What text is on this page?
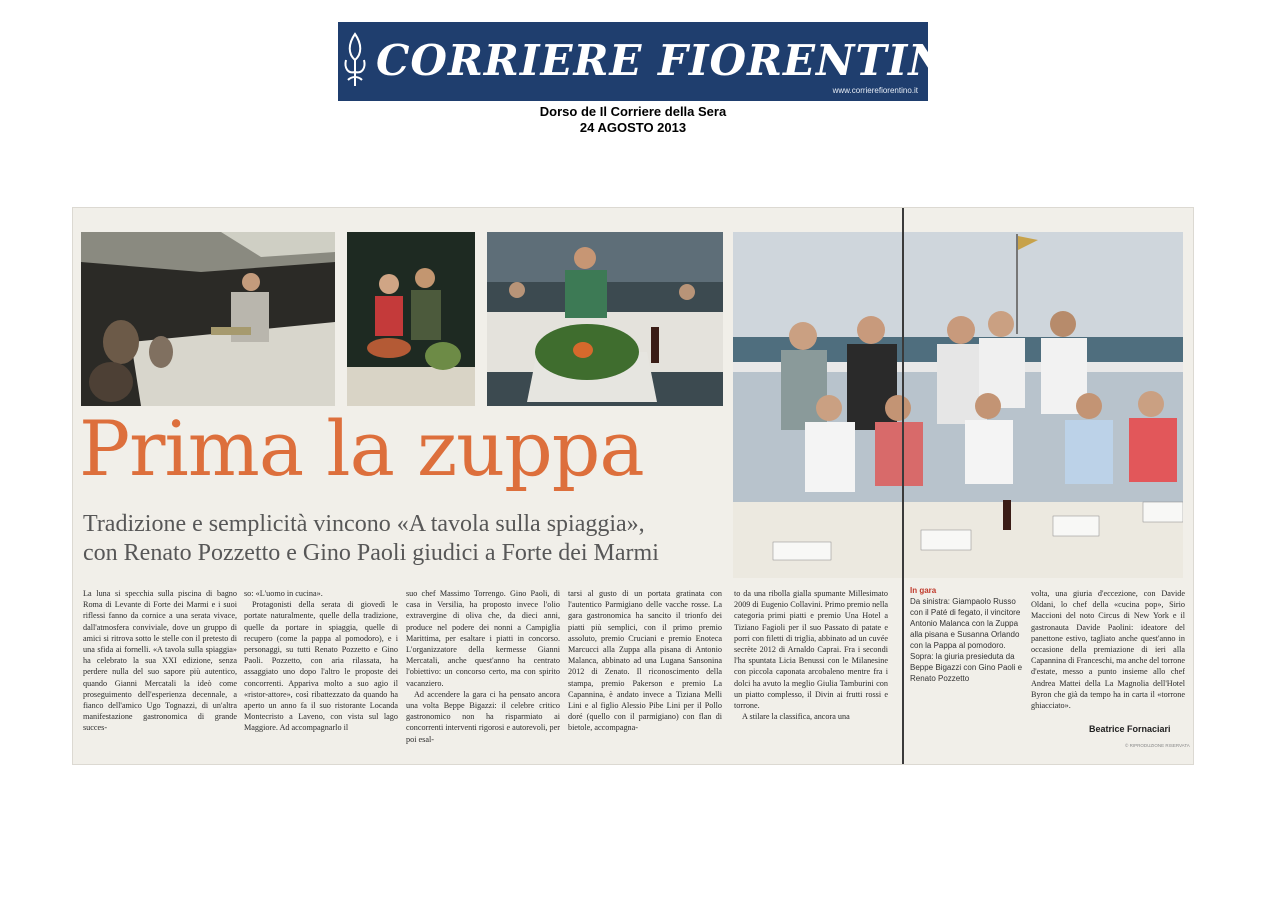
CORRIERE FIORENTINO
www.corrierefiorentino.it
Dorso de Il Corriere della Sera
24 AGOSTO 2013
Prima la zuppa
Tradizione e semplicità vincono «A tavola sulla spiaggia»,
con Renato Pozzetto e Gino Paoli giudici a Forte dei Marmi

La luna si specchia sulla piscina di bagno Roma di Levante di Forte dei Marmi e i suoi riflessi fanno da cornice a una serata vivace, dall'atmosfera conviviale, dove un gruppo di amici si ritrova sotto le stelle con il pretesto di una sfida ai fornelli. «A tavola sulla spiaggia» ha celebrato la sua XXI edizione, senza perdere nulla del suo sapore più autentico, quando Gianni Mercatali la ideò come proseguimento dell'esperienza decennale, a fianco dell'amico Ugo Tognazzi, di un'altra manifestazione gastronomica di grande succes-

so: «L'uomo in cucina».

Protagonisti della serata di giovedì le portate naturalmente, quelle della tradizione, quelle da portare in spiaggia, quelle di recupero (come la pappa al pomodoro), e i personaggi, su tutti Renato Pozzetto e Gino Paoli. Pozzetto, con aria rilassata, ha assaggiato uno dopo l'altro le proposte dei concorrenti. Appariva molto a suo agio il «ristor-attore», così ribattezzato da quando ha aperto un anno fa il suo ristorante Locanda Montecristo a Laveno, con vista sul lago Maggiore. Ad accompagnarlo il

suo chef Massimo Torrengo. Gino Paoli, di casa in Versilia, ha proposto invece l'olio extravergine di oliva che, da dieci anni, produce nel podere dei nonni a Campiglia Marittima, per esaltare i piatti in concorso. L'organizzatore della kermesse Gianni Mercatali, anche quest'anno ha centrato l'obiettivo: un concorso certo, ma con spirito vacanziero.

Ad accendere la gara ci ha pensato ancora una volta Beppe Bigazzi: il celebre critico gastronomico non ha risparmiato ai concorrenti interventi rigorosi e autorevoli, per poi esal-

tarsi al gusto di un portata gratinata con l'autentico Parmigiano delle vacche rosse. La gara gastronomica ha sancito il trionfo dei piatti più semplici, con il primo premio assoluto, premio Cruciani e premio Enoteca Marcucci alla Zuppa alla pisana di Antonio Malanca, abbinato ad una Lugana Sansonina 2012 di Zenato. Il riconoscimento della stampa, premio Pakerson e premio La Capannina, è andato invece a Tiziana Melli Lini e al figlio Alessio Pibe Lini per il Pollo doré (quello con il parmigiano) con flan di bietole, accompagna-

to da una ribolla gialla spumante Millesimato 2009 di Eugenio Collavini. Primo premio nella categoria primi piatti e premio Una Hotel a Tiziano Fagioli per il suo Passato di patate e porri con filetti di triglia, abbinato ad un cuvée secrète 2012 di Arnaldo Caprai. Fra i secondi l'ha spuntata Licia Benussi con le Milanesine con piccola caponata arcobaleno mentre fra i dolci ha avuto la meglio Giulia Tamburini con un piatto complesso, il Divin ai frutti rossi e torrone.

A stilare la classifica, ancora una

In gara
Da sinistra: Giampaolo Russo con il Paté di fegato, il vincitore Antonio Malanca con la Zuppa alla pisana e Susanna Orlando con la Pappa al pomodoro. Sopra: la giuria presieduta da Beppe Bigazzi con Gino Paoli e Renato Pozzetto

volta, una giuria d'eccezione, con Davide Oldani, lo chef della «cucina pop», Sirio Maccioni del noto Circus di New York e il gastronauta Davide Paolini: ideatore del panettone estivo, tagliato anche quest'anno in occasione della premiazione di ieri alla Capannina di Franceschi, ma anche del torrone d'estate, messo a punto insieme allo chef Andrea Mattei della La Magnolia dell'Hotel Byron che già da tempo ha in carta il «torrone ghiacciato».

Beatrice Fornaciari
© RIPRODUZIONE RISERVATA
